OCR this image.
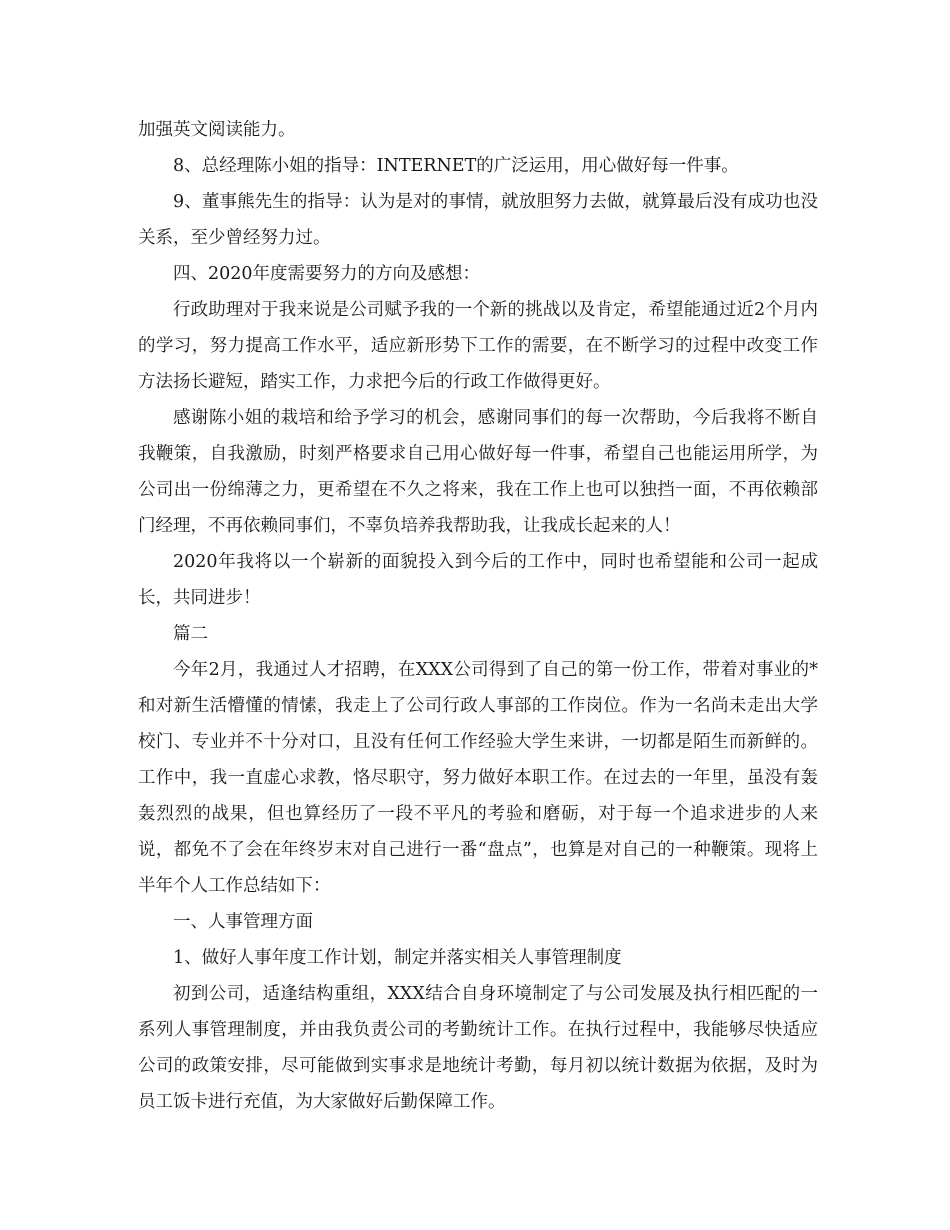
加强英文阅读能力。

8、总经理陈小姐的指导：INTERNET的广泛运用，用心做好每一件事。

9、董事熊先生的指导：认为是对的事情，就放胆努力去做，就算最后没有成功也没关系，至少曾经努力过。

四、2020年度需要努力的方向及感想：

行政助理对于我来说是公司赋予我的一个新的挑战以及肯定，希望能通过近2个月内的学习，努力提高工作水平，适应新形势下工作的需要，在不断学习的过程中改变工作方法扬长避短，踏实工作，力求把今后的行政工作做得更好。

感谢陈小姐的栽培和给予学习的机会，感谢同事们的每一次帮助，今后我将不断自我鞭策，自我激励，时刻严格要求自己用心做好每一件事，希望自己也能运用所学，为公司出一份绵薄之力，更希望在不久之将来，我在工作上也可以独挡一面，不再依赖部门经理，不再依赖同事们，不辜负培养我帮助我，让我成长起来的人！

2020年我将以一个崭新的面貌投入到今后的工作中，同时也希望能和公司一起成长，共同进步！

篇二

今年2月，我通过人才招聘，在XXX公司得到了自己的第一份工作，带着对事业的*和对新生活懵懂的情愫，我走上了公司行政人事部的工作岗位。作为一名尚未走出大学校门、专业并不十分对口，且没有任何工作经验大学生来讲，一切都是陌生而新鲜的。工作中，我一直虚心求教，恪尽职守，努力做好本职工作。在过去的一年里，虽没有轰轰烈烈的战果，但也算经历了一段不平凡的考验和磨砺，对于每一个追求进步的人来说，都免不了会在年终岁末对自己进行一番“盘点”，也算是对自己的一种鞭策。现将上半年个人工作总结如下：

一、人事管理方面

1、做好人事年度工作计划，制定并落实相关人事管理制度

初到公司，适逢结构重组，XXX结合自身环境制定了与公司发展及执行相匹配的一系列人事管理制度，并由我负责公司的考勤统计工作。在执行过程中，我能够尽快适应公司的政策安排，尽可能做到实事求是地统计考勤，每月初以统计数据为依据，及时为员工饭卡进行充值，为大家做好后勤保障工作。
